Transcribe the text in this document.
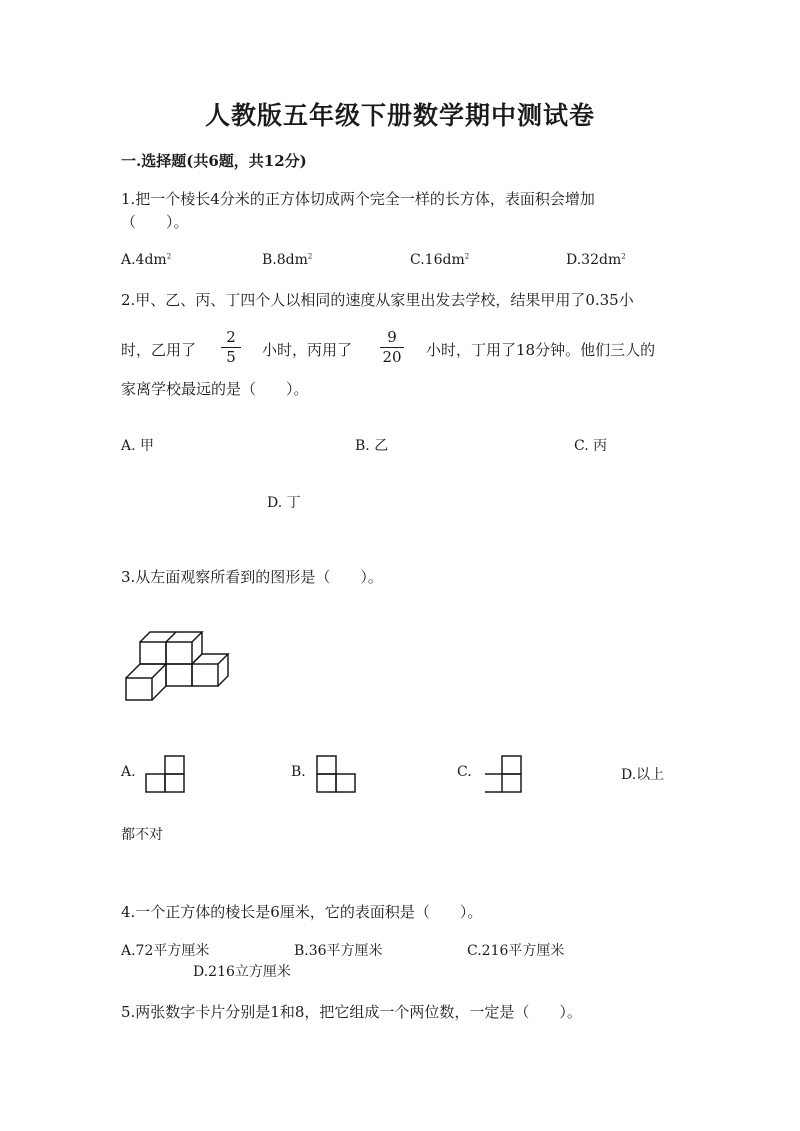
人教版五年级下册数学期中测试卷
一.选择题(共6题，共12分)
1.把一个棱长4分米的正方体切成两个完全一样的长方体，表面积会增加
（　　）。
$A.4dm^2$	$B.8dm^2$	$C.16dm^2$	$D.32dm^2$
2.甲、乙、丙、丁四个人以相同的速度从家里出发去学校，结果甲用了0.35小
时，乙用了
2
5	小时，丙用了
9
20 小时，丁用了18分钟。他们三人的
家离学校最远的是（　　）。
A. 甲	B. 乙	C. 丙
D. 丁
3.从左面观察所看到的图形是（　　）。
A.	B.	C.	D.以上
都不对
4.一个正方体的棱长是6厘米，它的表面积是（　　）。
A.72平方厘米	B.36平方厘米	C.216平方厘米
D.216立方厘米
5.两张数字卡片分别是1和8，把它组成一个两位数，一定是（　　）。
